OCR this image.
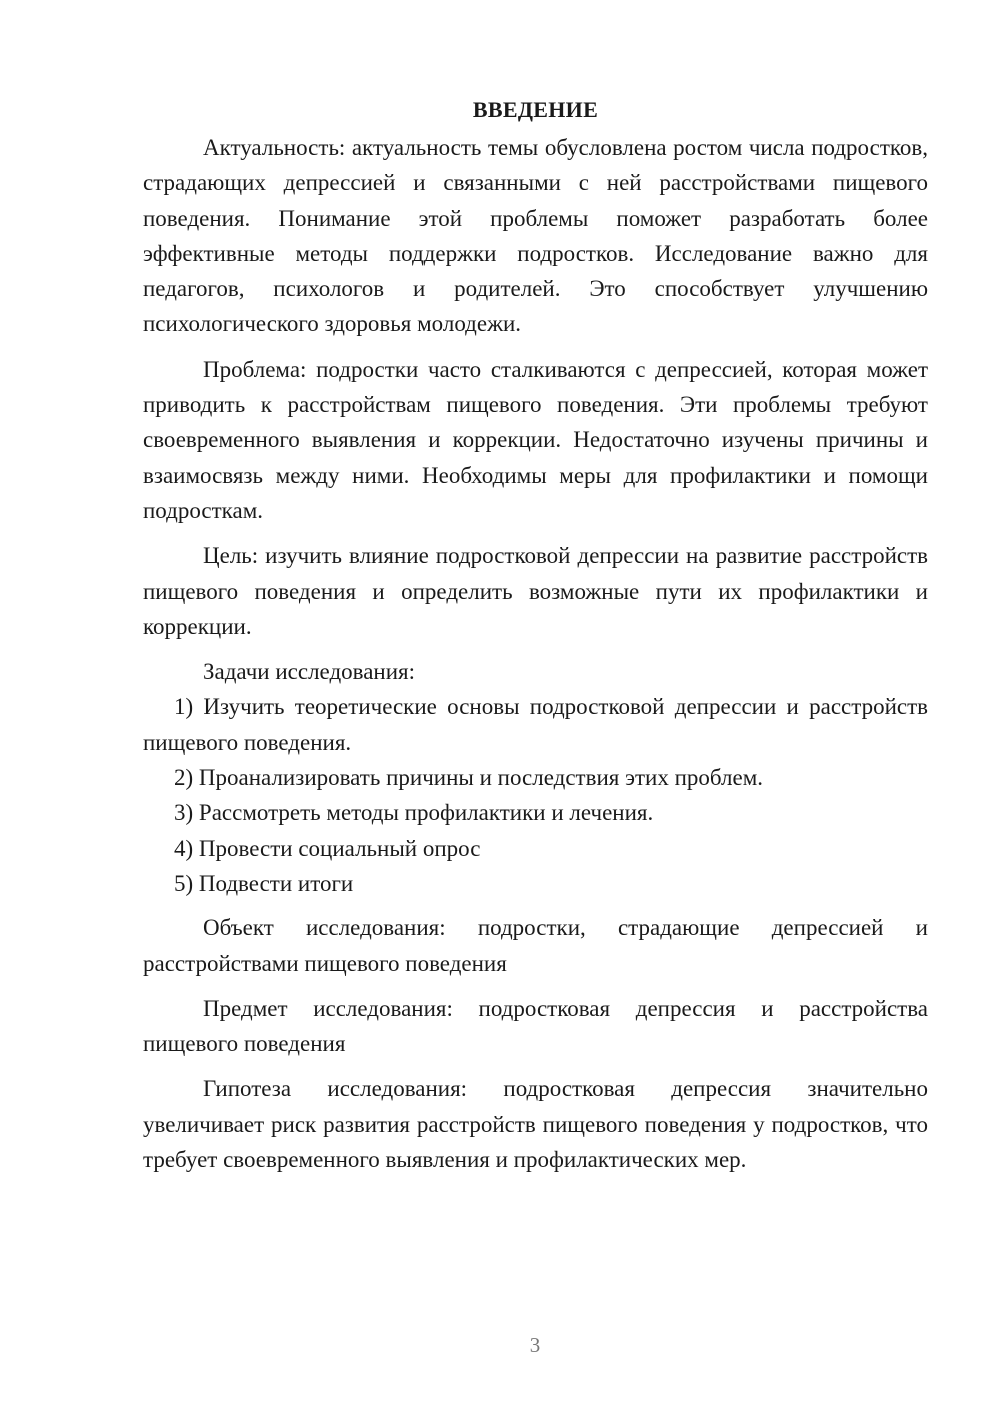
ВВЕДЕНИЕ

Актуальность: актуальность темы обусловлена ростом числа подростков, страдающих депрессией и связанными с ней расстройствами пищевого поведения. Понимание этой проблемы поможет разработать более эффективные методы поддержки подростков. Исследование важно для педагогов, психологов и родителей. Это способствует улучшению психологического здоровья молодежи.

Проблема: подростки часто сталкиваются с депрессией, которая может приводить к расстройствам пищевого поведения. Эти проблемы требуют своевременного выявления и коррекции. Недостаточно изучены причины и взаимосвязь между ними. Необходимы меры для профилактики и помощи подросткам.

Цель: изучить влияние подростковой депрессии на развитие расстройств пищевого поведения и определить возможные пути их профилактики и коррекции.

Задачи исследования:

1) Изучить теоретические основы подростковой депрессии и расстройств пищевого поведения.

2) Проанализировать причины и последствия этих проблем.

3) Рассмотреть методы профилактики и лечения.

4) Провести социальный опрос

5) Подвести итоги

Объект исследования: подростки, страдающие депрессией и расстройствами пищевого поведения

Предмет исследования: подростковая депрессия и расстройства пищевого поведения

Гипотеза исследования: подростковая депрессия значительно увеличивает риск развития расстройств пищевого поведения у подростков, что требует своевременного выявления и профилактических мер.

3
